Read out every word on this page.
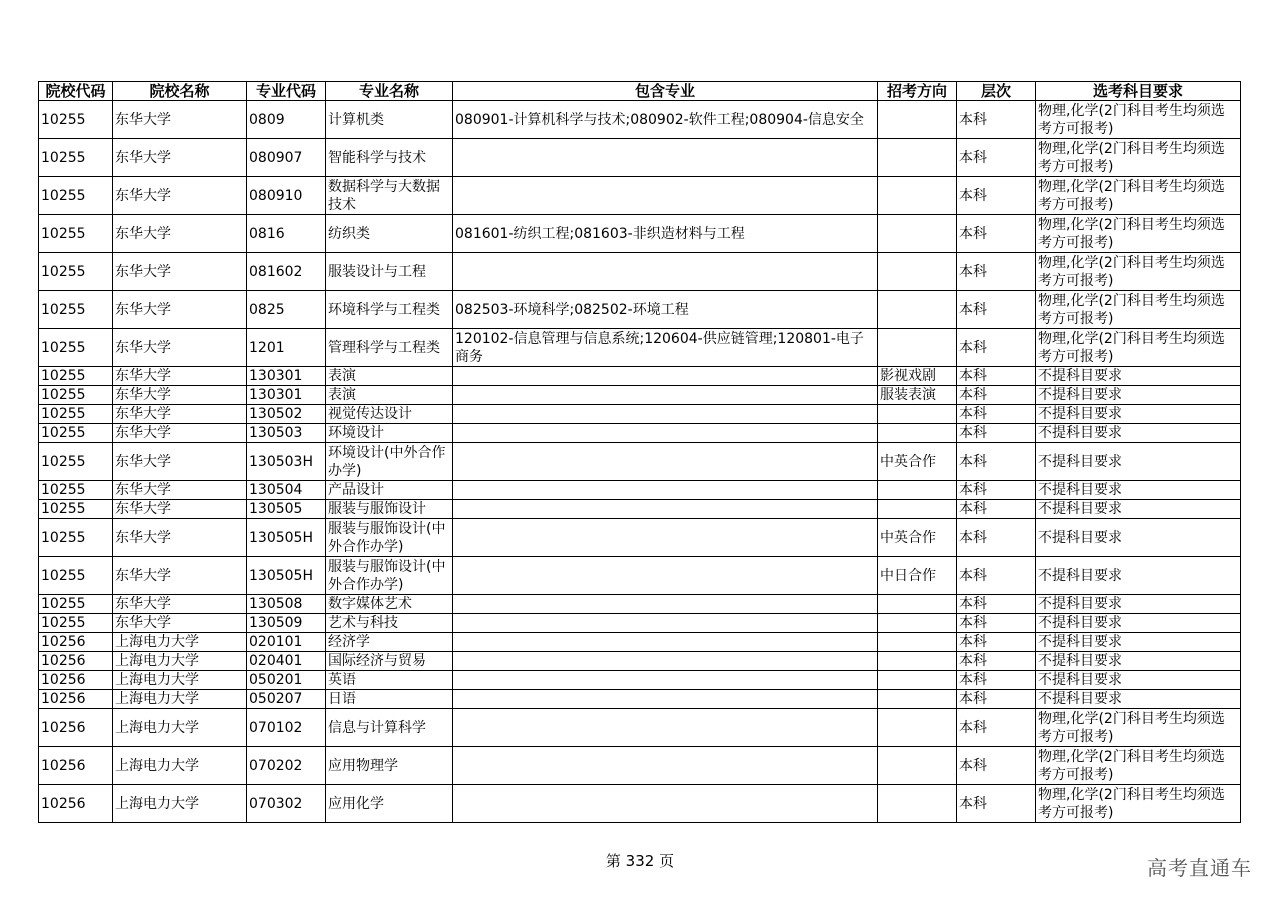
院校代码	院校名称	专业代码	专业名称	包含专业	招考方向	层次	选考科目要求
10255	东华大学	0809	计算机类	080901-计算机科学与技术;080902-软件工程;080904-信息安全		本科	物理,化学(2门科目考生均须选考方可报考)
10255	东华大学	080907	智能科学与技术			本科	物理,化学(2门科目考生均须选考方可报考)
10255	东华大学	080910	数据科学与大数据技术			本科	物理,化学(2门科目考生均须选考方可报考)
10255	东华大学	0816	纺织类	081601-纺织工程;081603-非织造材料与工程		本科	物理,化学(2门科目考生均须选考方可报考)
10255	东华大学	081602	服装设计与工程			本科	物理,化学(2门科目考生均须选考方可报考)
10255	东华大学	0825	环境科学与工程类	082503-环境科学;082502-环境工程		本科	物理,化学(2门科目考生均须选考方可报考)
10255	东华大学	1201	管理科学与工程类	120102-信息管理与信息系统;120604-供应链管理;120801-电子商务		本科	物理,化学(2门科目考生均须选考方可报考)
10255	东华大学	130301	表演		影视戏剧	本科	不提科目要求
10255	东华大学	130301	表演		服装表演	本科	不提科目要求
10255	东华大学	130502	视觉传达设计			本科	不提科目要求
10255	东华大学	130503	环境设计			本科	不提科目要求
10255	东华大学	130503H	环境设计(中外合作办学)		中英合作	本科	不提科目要求
10255	东华大学	130504	产品设计			本科	不提科目要求
10255	东华大学	130505	服装与服饰设计			本科	不提科目要求
10255	东华大学	130505H	服装与服饰设计(中外合作办学)		中英合作	本科	不提科目要求
10255	东华大学	130505H	服装与服饰设计(中外合作办学)		中日合作	本科	不提科目要求
10255	东华大学	130508	数字媒体艺术			本科	不提科目要求
10255	东华大学	130509	艺术与科技			本科	不提科目要求
10256	上海电力大学	020101	经济学			本科	不提科目要求
10256	上海电力大学	020401	国际经济与贸易			本科	不提科目要求
10256	上海电力大学	050201	英语			本科	不提科目要求
10256	上海电力大学	050207	日语			本科	不提科目要求
10256	上海电力大学	070102	信息与计算科学			本科	物理,化学(2门科目考生均须选考方可报考)
10256	上海电力大学	070202	应用物理学			本科	物理,化学(2门科目考生均须选考方可报考)
10256	上海电力大学	070302	应用化学			本科	物理,化学(2门科目考生均须选考方可报考)
第 332 页	高考直通车
